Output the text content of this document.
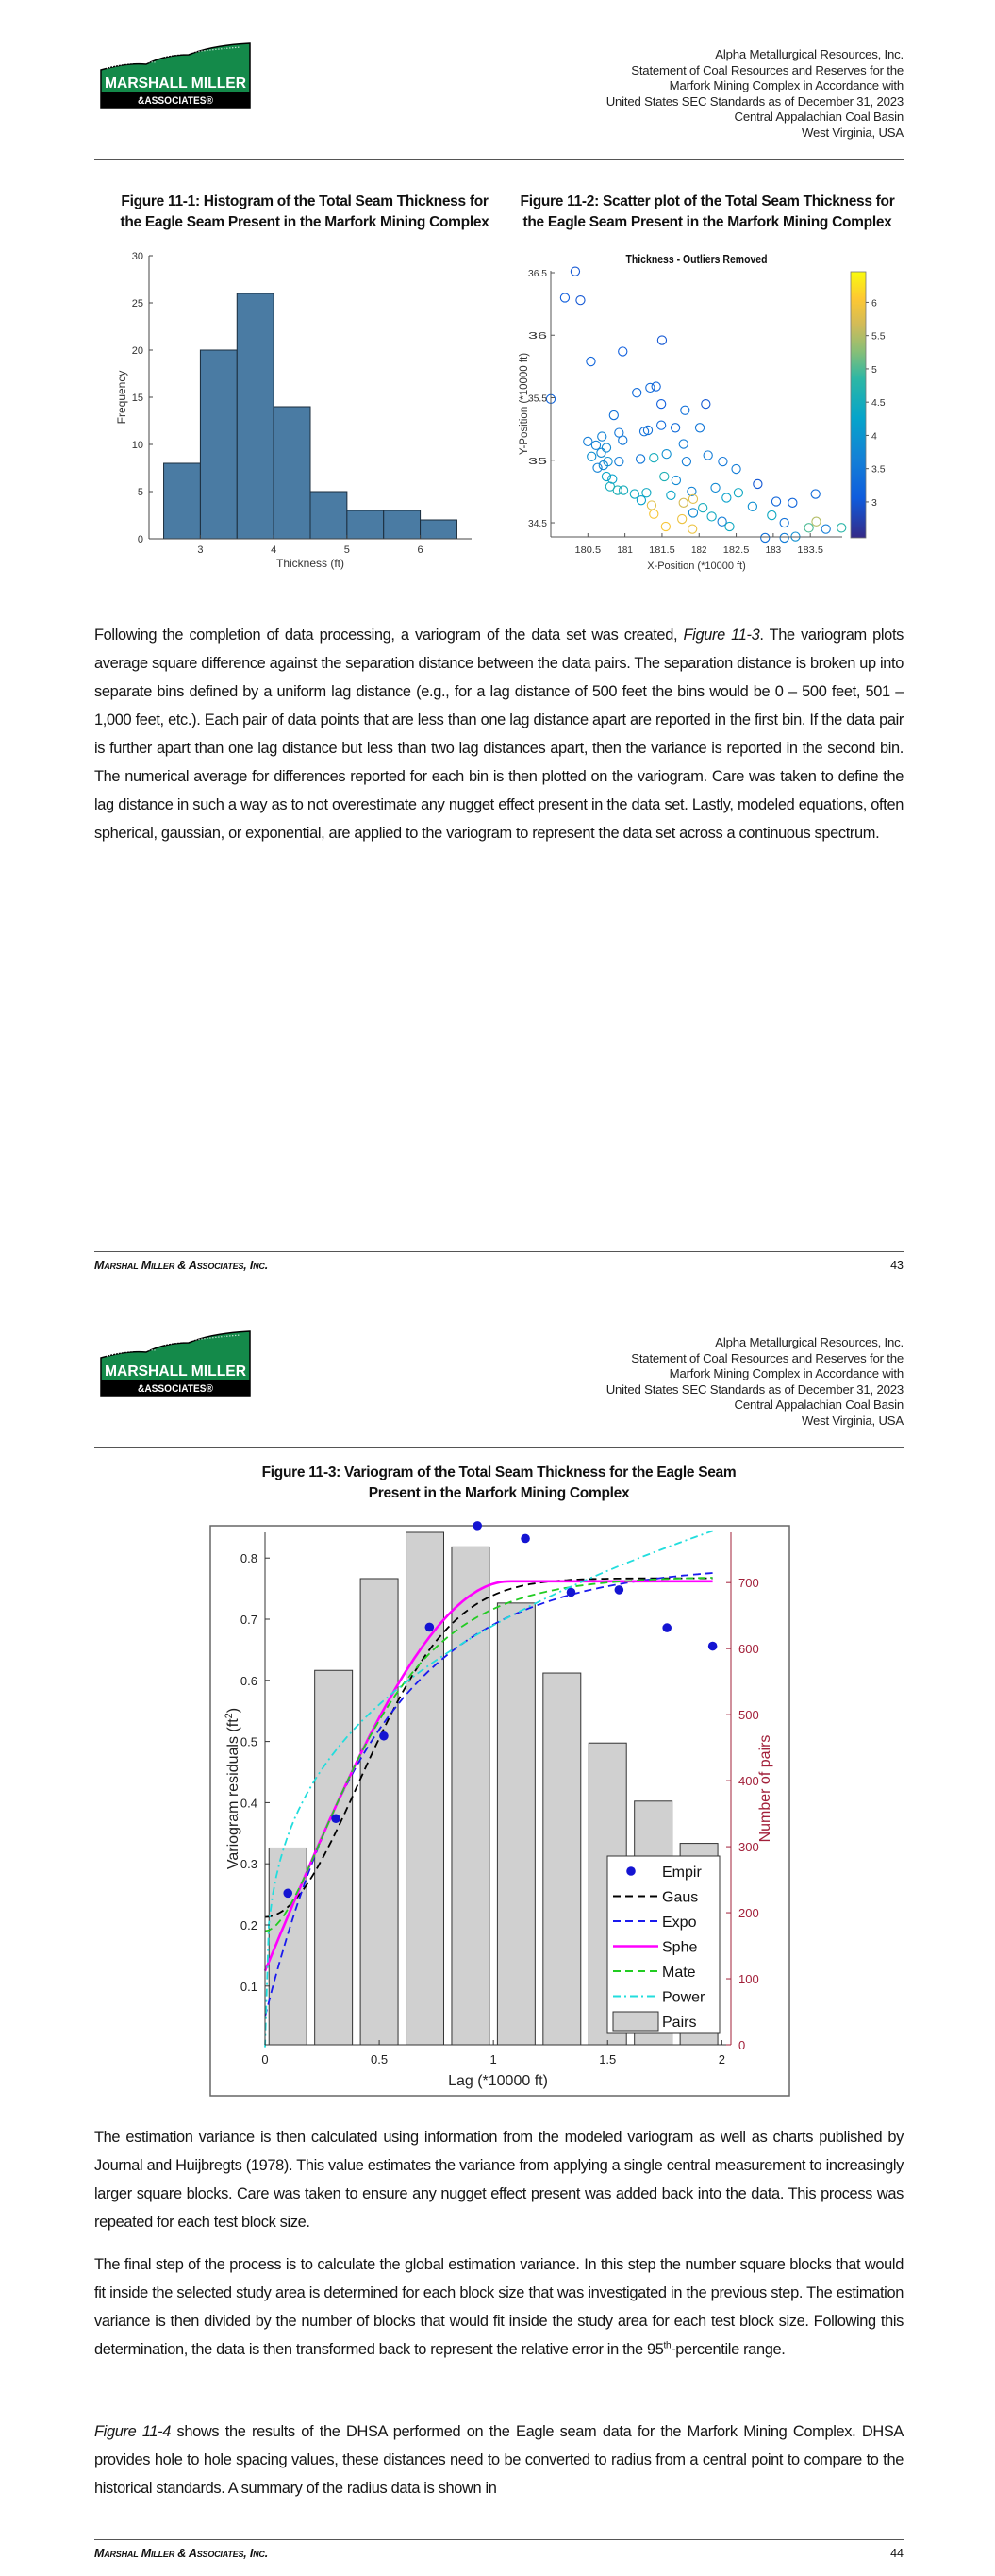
MARSHALL MILLER
&ASSOCIATES®
Alpha Metallurgical Resources, Inc.
Statement of Coal Resources and Reserves for the
Marfork Mining Complex in Accordance with
United States SEC Standards as of December 31, 2023
Central Appalachian Coal Basin
West Virginia, USA
Figure 11-1: Histogram of the Total Seam Thickness for the Eagle Seam Present in the Marfork Mining Complex
Figure 11-2: Scatter plot of the Total Seam Thickness for the Eagle Seam Present in the Marfork Mining Complex

Following the completion of data processing, a variogram of the data set was created, Figure 11-3. The variogram plots average square difference against the separation distance between the data pairs. The separation distance is broken up into separate bins defined by a uniform lag distance (e.g., for a lag distance of 500 feet the bins would be 0 – 500 feet, 501 – 1,000 feet, etc.). Each pair of data points that are less than one lag distance apart are reported in the first bin. If the data pair is further apart than one lag distance but less than two lag distances apart, then the variance is reported in the second bin. The numerical average for differences reported for each bin is then plotted on the variogram. Care was taken to define the lag distance in such a way as to not overestimate any nugget effect present in the data set. Lastly, modeled equations, often spherical, gaussian, or exponential, are applied to the variogram to represent the data set across a continuous spectrum.

Marshal Miller & Associates, Inc.	43
MARSHALL MILLER
&ASSOCIATES®
Alpha Metallurgical Resources, Inc.
Statement of Coal Resources and Reserves for the
Marfork Mining Complex in Accordance with
United States SEC Standards as of December 31, 2023
Central Appalachian Coal Basin
West Virginia, USA
Figure 11-3: Variogram of the Total Seam Thickness for the Eagle Seam
Present in the Marfork Mining Complex

The estimation variance is then calculated using information from the modeled variogram as well as charts published by Journal and Huijbregts (1978). This value estimates the variance from applying a single central measurement to increasingly larger square blocks. Care was taken to ensure any nugget effect present was added back into the data. This process was repeated for each test block size.

The final step of the process is to calculate the global estimation variance. In this step the number square blocks that would fit inside the selected study area is determined for each block size that was investigated in the previous step. The estimation variance is then divided by the number of blocks that would fit inside the study area for each test block size. Following this determination, the data is then transformed back to represent the relative error in the 95th-percentile range.

Figure 11-4 shows the results of the DHSA performed on the Eagle seam data for the Marfork Mining Complex. DHSA provides hole to hole spacing values, these distances need to be converted to radius from a central point to compare to the historical standards. A summary of the radius data is shown in

Marshal Miller & Associates, Inc.	44
0
5
10
15
20
25
30
3	4	5	6
Thickness (ft)
Frequency
Thickness - Outliers Removed
34.5
35
35.5
36
36.5
180.5 181 181.5 182 182.5 183 183.5
X-Position (*10000 ft)
Y-Position (*10000 ft)
3
3.5
4
4.5
5
5.5
6
0.1
0.2
0.3
0.4
0.5
0.6
0.7
0.8
0
100
200
300
400
500
600
700
0	0.5	1	1.5	2
Lag (*10000 ft)
Variogram residuals $(ft^2)$
Number of pairs
Empir
Gaus
Expo
Sphe
Mate
Power
Pairs
